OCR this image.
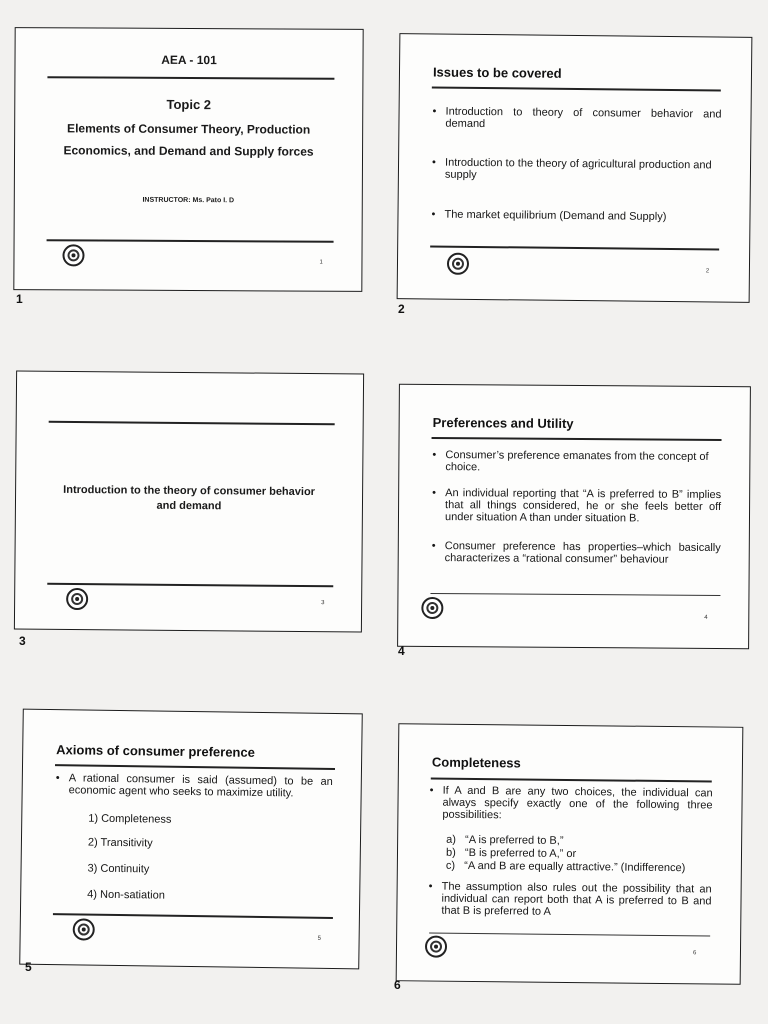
AEA - 101
Topic 2
Elements of Consumer Theory, Production
Economics, and Demand and Supply forces
INSTRUCTOR: Ms. Pato I. D
1
1
Issues to be covered
• Introduction to theory of consumer behavior and demand
• Introduction to the theory of agricultural production and supply
• The market equilibrium (Demand and Supply)
2
2
Introduction to the theory of consumer behavior
and demand
3
3
Preferences and Utility
• Consumer’s preference emanates from the concept of choice.
• An individual reporting that “A is preferred to B” implies that all things considered, he or she feels better off under situation A than under situation B.
• Consumer preference has properties–which basically characterizes a “rational consumer” behaviour
4
4
Axioms of consumer preference
• A rational consumer is said (assumed) to be an economic agent who seeks to maximize utility.
1) Completeness
2) Transitivity
3) Continuity
4) Non-satiation
5
5
Completeness
• If A and B are any two choices, the individual can always specify exactly one of the following three possibilities:
a)   “A is preferred to B,”
b)   “B is preferred to A,” or
c)   “A and B are equally attractive.” (Indifference)
• The assumption also rules out the possibility that an individual can report both that A is preferred to B and that B is preferred to A
6
6
